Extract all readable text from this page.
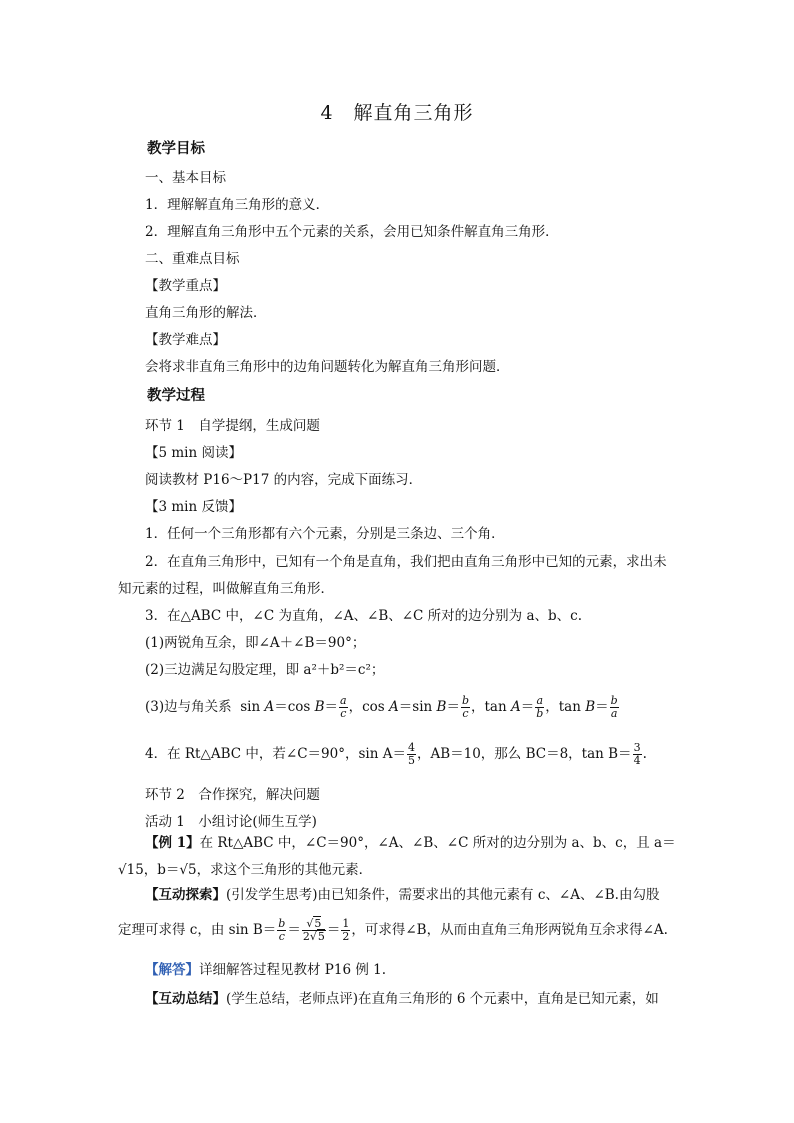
4　解直角三角形
教学目标
一、基本目标
1．理解解直角三角形的意义．
2．理解直角三角形中五个元素的关系，会用已知条件解直角三角形．
二、重难点目标
【教学重点】
直角三角形的解法．
【教学难点】
会将求非直角三角形中的边角问题转化为解直角三角形问题．
教学过程
环节 1　自学提纲，生成问题
【5 min 阅读】
阅读教材 P16～P17 的内容，完成下面练习．
【3 min 反馈】
1．任何一个三角形都有六个元素，分别是三条边、三个角．
2．在直角三角形中，已知有一个角是直角，我们把由直角三角形中已知的元素，求出未知元素的过程，叫做解直角三角形．
3．在△ABC 中，∠C 为直角，∠A、∠B、∠C 所对的边分别为 a、b、c.
(1)两锐角互余，即∠A＋∠B＝90°；
(2)三边满足勾股定理，即 a²＋b²＝c²；
(3)边与角关系  sin A＝cos $B= \frac{a}{c}$ ，cos A＝sin $B= \frac{b}{c}$ ，$\tan A= \frac{a}{b}$ ，$\tan B= \frac{b}{a}$
4．在 Rt△ABC 中，若∠C＝90°，$\sin A= \frac{4}{5}$ ，AB＝10，那么 BC＝8，$\tan B= \frac{3}{4}$ .
环节 2　合作探究，解决问题
活动 1　小组讨论(师生互学)
【例 1】在 Rt△ABC 中，∠C＝90°，∠A、∠B、∠C 所对的边分别为 a、b、c，且 a＝√15，b＝√5，求这个三角形的其他元素．
【互动探索】(引发学生思考)由已知条件，需要求出的其他元素有 c、∠A、∠B.由勾股
定理可求得 c，由 $\sin B= \frac{b}{c} = \frac{√5}{2√5} = \frac{1}{2}$ ，可求得∠B，从而由直角三角形两锐角互余求得∠A.
【解答】详细解答过程见教材 P16 例 1.
【互动总结】(学生总结，老师点评)在直角三角形的 6 个元素中，直角是已知元素，如
